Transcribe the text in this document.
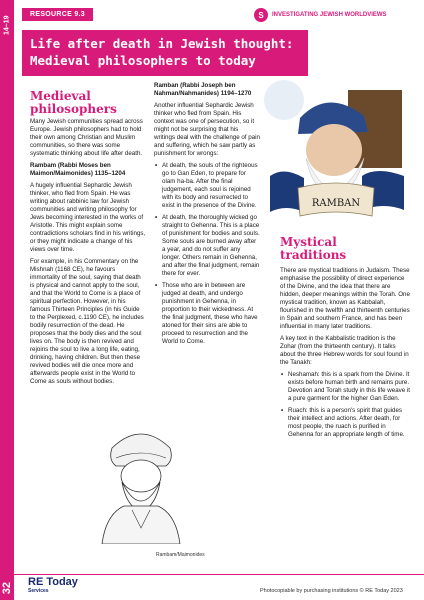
14–19
32
RESOURCE 9.3	S	INVESTIGATING JEWISH WORLDVIEWS
Life after death in Jewish thought:
Medieval philosophers to today
Medieval philosophers

Many Jewish communities spread across Europe. Jewish philosophers had to hold their own among Christian and Muslim communities, so there was some systematic thinking about life after death.

Rambam (Rabbi Moses ben Maimon/Maimonides) 1135–1204

A hugely influential Sephardic Jewish thinker, who fled from Spain. He was writing about rabbinic law for Jewish communities and writing philosophy for Jews becoming interested in the works of Aristotle. This might explain some contradictions scholars find in his writings, or they might indicate a change of his views over time.

For example, in his Commentary on the Mishnah (1168 CE), he favours immortality of the soul, saying that death is physical and cannot apply to the soul, and that the World to Come is a place of spiritual perfection. However, in his famous Thirteen Principles (in his Guide to the Perplexed, c.1190 CE), he includes bodily resurrection of the dead. He proposes that the body dies and the soul lives on. The body is then revived and rejoins the soul to live a long life, eating, drinking, having children. But then these revived bodies will die once more and afterwards people exist in the World to Come as souls without bodies.

Ramban (Rabbi Joseph ben Nahman/Nahmanides) 1194–1270

Another influential Sephardic Jewish thinker who fled from Spain. His context was one of persecution, so it might not be surprising that his writings deal with the challenge of pain and suffering, which he saw partly as punishment for wrongs:

• At death, the souls of the righteous go to Gan Eden, to prepare for olam ha-ba. After the final judgement, each soul is rejoined with its body and resurrected to exist in the presence of the Divine.
• At death, the thoroughly wicked go straight to Gehenna. This is a place of punishment for bodies and souls. Some souls are burned away after a year, and do not suffer any longer. Others remain in Gehenna, and after the final judgment, remain there for ever.
• Those who are in between are judged at death, and undergo punishment in Gehenna, in proportion to their wickedness. At the final judgment, these who have atoned for their sins are able to proceed to resurrection and the World to Come.
RAMBAN
Mystical traditions

There are mystical traditions in Judaism. These emphasise the possibility of direct experience of the Divine, and the idea that there are hidden, deeper meanings within the Torah. One mystical tradition, known as Kabbalah, flourished in the twelfth and thirteenth centuries in Spain and southern France, and has been influential in many later traditions.

A key text in the Kabbalistic tradition is the Zohar (from the thirteenth century). It talks about the three Hebrew words for soul found in the Tanakh:

• Neshamah: this is a spark from the Divine. It exists before human birth and remains pure. Devotion and Torah study in this life weave it a pure garment for the higher Gan Eden.
• Ruach: this is a person's spirit that guides their intellect and actions. After death, for most people, the ruach is purified in Gehenna for an appropriate length of time.
Rambam/Maimonides
RE Today
Services	Photocopiable by purchasing institutions © RE Today 2023
